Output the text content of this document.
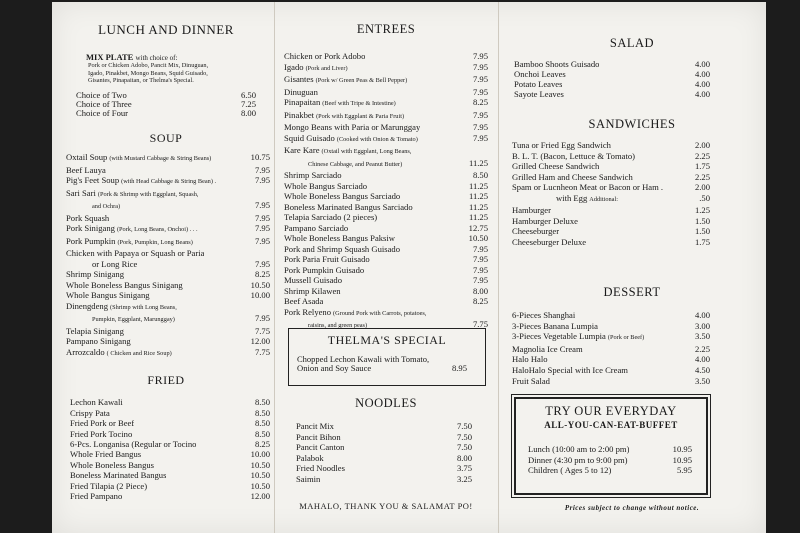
LUNCH AND DINNER
MIX PLATE with choice of:
Pork or Chicken Adobo, Pancit Mix, Dinuguan,
Igado, Pinakbet, Mongo Beans, Squid Guisado,
Gisantes, Pinapaitan, or Thelma's Special.
Choice of Two	6.50
Choice of Three	7.25
Choice of Four	8.00
SOUP
Oxtail Soup (with Mustard Cabbage & String Beans)	10.75
Beef Lauya	7.95
Pig's Feet Soup (with Head Cabbage & String Bean) .	7.95
Sari Sari (Pork & Shrimp with Eggplant, Squash,
and Ochra)	7.95
Pork Squash	7.95
Pork Sinigang (Pork, Long Beans, Onchoi) . . .	7.95
Pork Pumpkin (Pork, Pumpkin, Long Beans)	7.95
Chicken with Papaya or Squash or Paria
or Long Rice	7.95
Shrimp Sinigang	8.25
Whole Boneless Bangus Sinigang	10.50
Whole Bangus Sinigang	10.00
Dinengdeng (Shrimp with Long Beans,
Pumpkin, Eggplant, Marunggay)	7.95
Telapia Sinigang	7.75
Pampano Sinigang	12.00
Arrozcaldo ( Chicken and Rice Soup)	7.75
FRIED
Lechon Kawali	8.50
Crispy Pata	8.50
Fried Pork or Beef	8.50
Fried Pork Tocino	8.50
6-Pcs. Longanisa (Regular or Tocino	8.25
Whole Fried Bangus	10.00
Whole Boneless Bangus	10.50
Boneless Marinated Bangus	10.50
Fried Tilapia (2 Piece)	10.50
Fried Pampano	12.00
ENTREES
Chicken or Pork Adobo	7.95
Igado (Pork and Liver)	7.95
Gisantes (Pork w/ Green Peas & Bell Pepper)	7.95
Dinuguan	7.95
Pinapaitan (Beef with Tripe & Intestine)	8.25
Pinakbet (Pork with Eggplant & Paria Fruit)	7.95
Mongo Beans with Paria or Marunggay	7.95
Squid Guisado (Cooked with Onion & Tomato)	7.95
Kare Kare (Oxtail with Eggplant, Long Beans,
Chinese Cabbage, and Peanut Butter)	11.25
Shrimp Sarciado	8.50
Whole Bangus Sarciado	11.25
Whole Boneless Bangus Sarciado	11.25
Boneless Marinated Bangus Sarciado	11.25
Telapia Sarciado (2 pieces)	11.25
Pampano Sarciado	12.75
Whole Boneless Bangus Paksiw	10.50
Pork and Shrimp Squash Guisado	7.95
Pork Paria Fruit Guisado	7.95
Pork Pumpkin Guisado	7.95
Mussell Guisado	7.95
Shrimp Kilawen	8.00
Beef Asada	8.25
Pork Relyeno (Ground Pork with Carrots, potatoes,
raisins, and green peas)	7.75
THELMA'S SPECIAL
Chopped Lechon Kawali with Tomato,
Onion and Soy Sauce	8.95
NOODLES
Pancit Mix	7.50
Pancit Bihon	7.50
Pancit Canton	7.50
Palabok	8.00
Fried Noodles	3.75
Saimin	3.25
MAHALO, THANK YOU & SALAMAT PO!
SALAD
Bamboo Shoots Guisado	4.00
Onchoi Leaves	4.00
Potato Leaves	4.00
Sayote Leaves	4.00
SANDWICHES
Tuna or Fried Egg Sandwich	2.00
B. L. T. (Bacon, Lettuce & Tomato)	2.25
Grilled Cheese Sandwich	1.75
Grilled Ham and Cheese Sandwich	2.25
Spam or Lucnheon Meat or Bacon or Ham .	2.00
with Egg Additional:	.50
Hamburger	1.25
Hamburger Deluxe	1.50
Cheeseburger	1.50
Cheeseburger Deluxe	1.75
DESSERT
6-Pieces Shanghai	4.00
3-Pieces Banana Lumpia	3.00
3-Pieces Vegetable Lumpia (Pork or Beef)	3.50
Magnolia Ice Cream	2.25
Halo Halo	4.00
HaloHalo Special with Ice Cream	4.50
Fruit Salad	3.50
TRY OUR EVERYDAY
ALL-YOU-CAN-EAT-BUFFET
Lunch (10:00 am to 2:00 pm)	10.95
Dinner (4:30 pm to 9:00 pm)	10.95
Children ( Ages 5 to 12)	5.95
Prices subject to change without notice.
